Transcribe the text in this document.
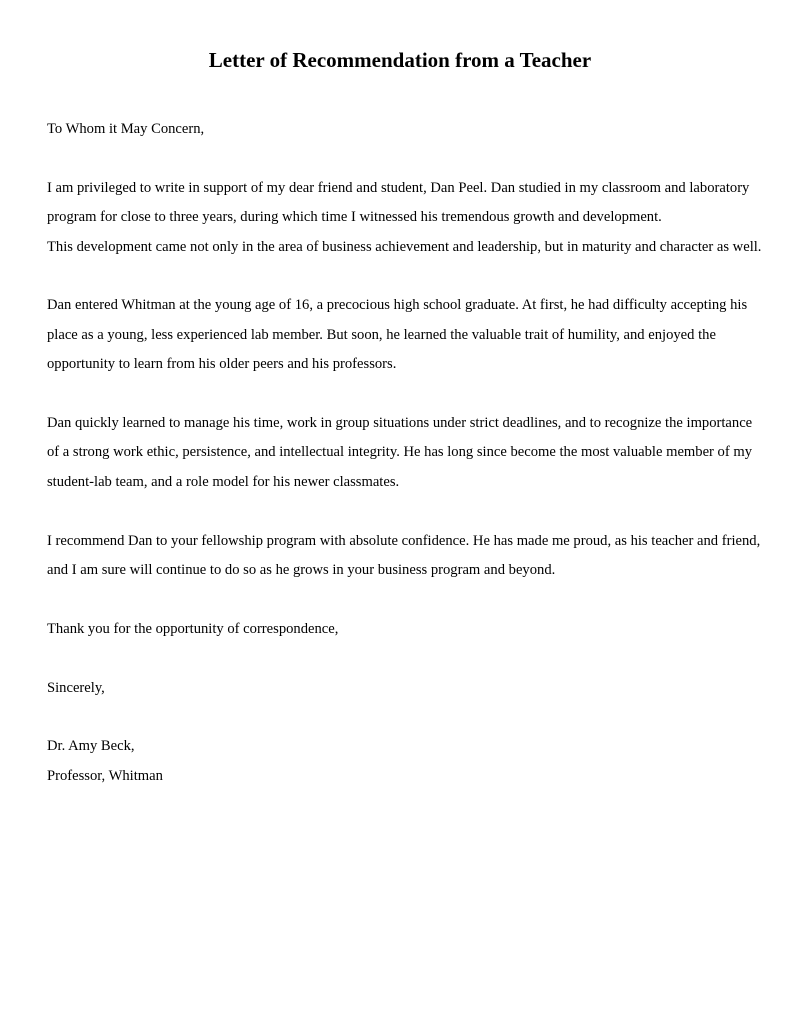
Letter of Recommendation from a Teacher

To Whom it May Concern,

I am privileged to write in support of my dear friend and student, Dan Peel. Dan studied in my classroom and laboratory program for close to three years, during which time I witnessed his tremendous growth and development.
This development came not only in the area of business achievement and leadership, but in maturity and character as well.

Dan entered Whitman at the young age of 16, a precocious high school graduate. At first, he had difficulty accepting his place as a young, less experienced lab member. But soon, he learned the valuable trait of humility, and enjoyed the opportunity to learn from his older peers and his professors.

Dan quickly learned to manage his time, work in group situations under strict deadlines, and to recognize the importance of a strong work ethic, persistence, and intellectual integrity. He has long since become the most valuable member of my student-lab team, and a role model for his newer classmates.

I recommend Dan to your fellowship program with absolute confidence. He has made me proud, as his teacher and friend, and I am sure will continue to do so as he grows in your business program and beyond.

Thank you for the opportunity of correspondence,

Sincerely,

Dr. Amy Beck,

Professor, Whitman
